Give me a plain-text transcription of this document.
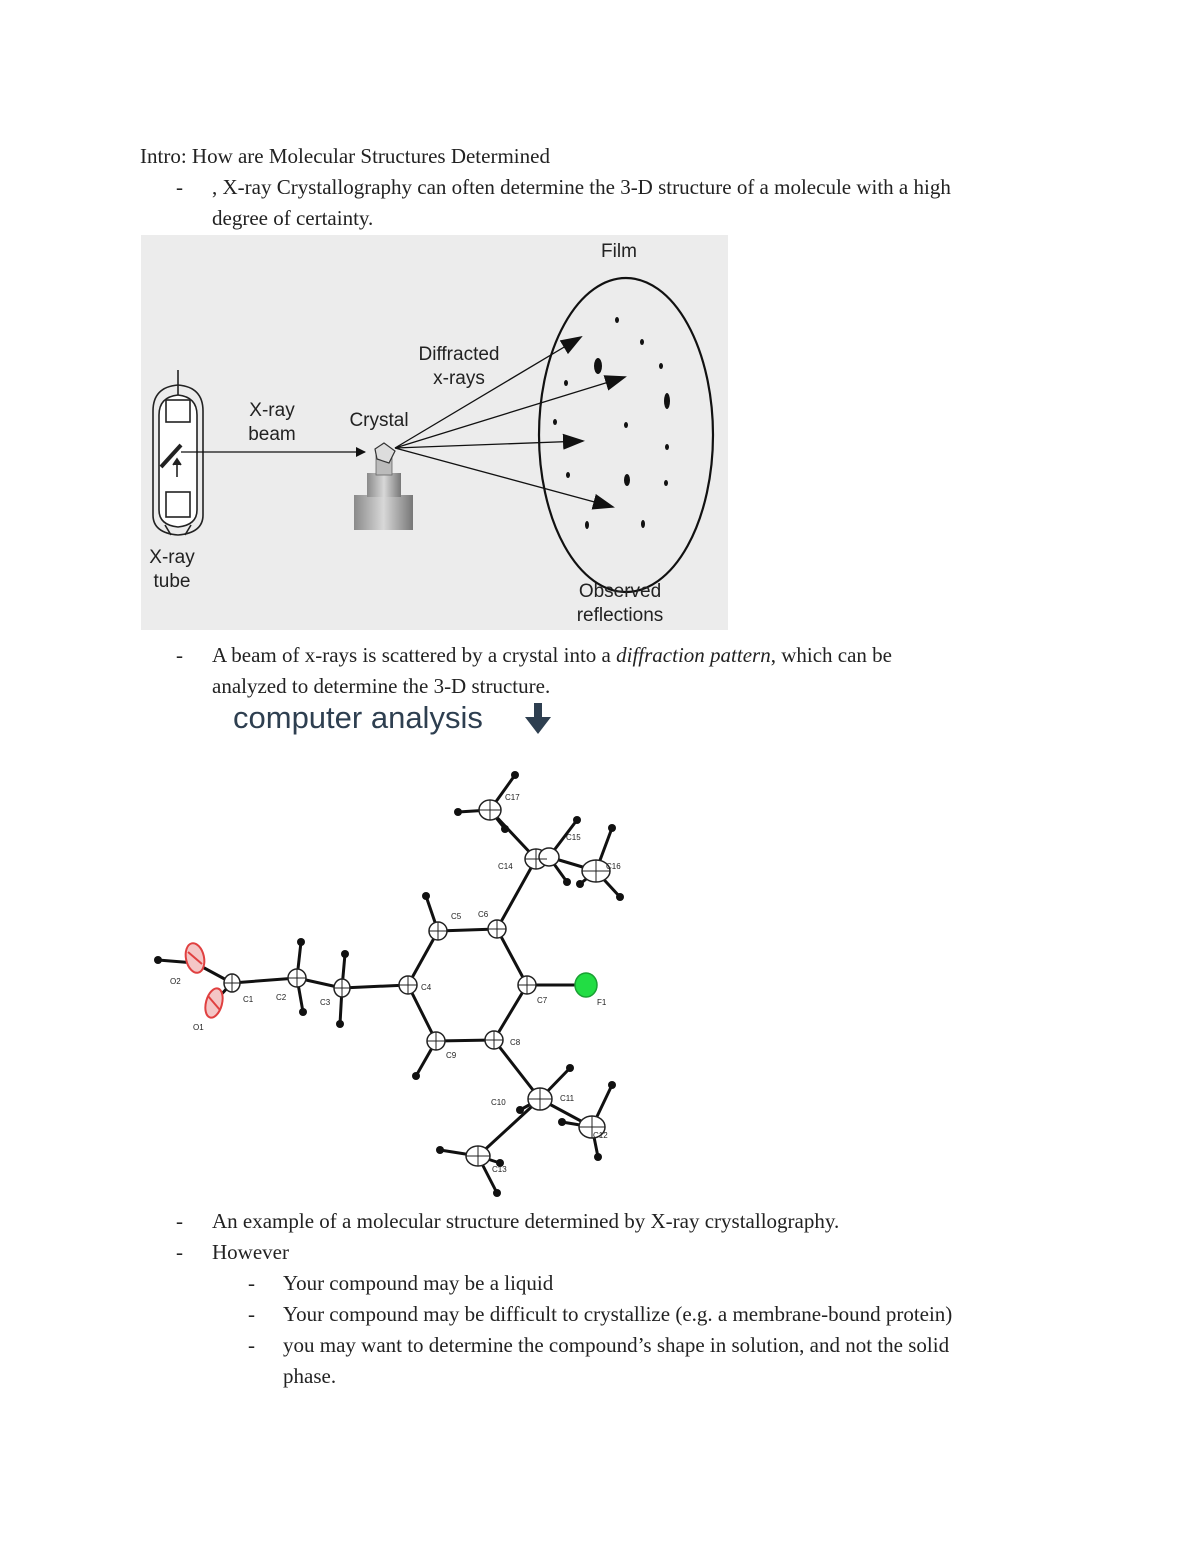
Intro: How are Molecular Structures Determined
- , X-ray Crystallography can often determine the 3-D structure of a molecule with a high
degree of certainty.
Film
Diffracted
x-rays
X-ray
beam
Crystal
X-ray
tube	Observed
reflections
- A beam of x-rays is scattered by a crystal into a diffraction pattern, which can be
analyzed to determine the 3-D structure.
computer analysis
O2
O1
C1	C2
C3
C4
C5 C6
C7
C8
C9
C10	C11
C12
C13
C14
C15
C16
C17
F1
- An example of a molecular structure determined by X-ray crystallography.
- However
- Your compound may be a liquid
- Your compound may be difficult to crystallize (e.g. a membrane-bound protein)
- you may want to determine the compound’s shape in solution, and not the solid
phase.
